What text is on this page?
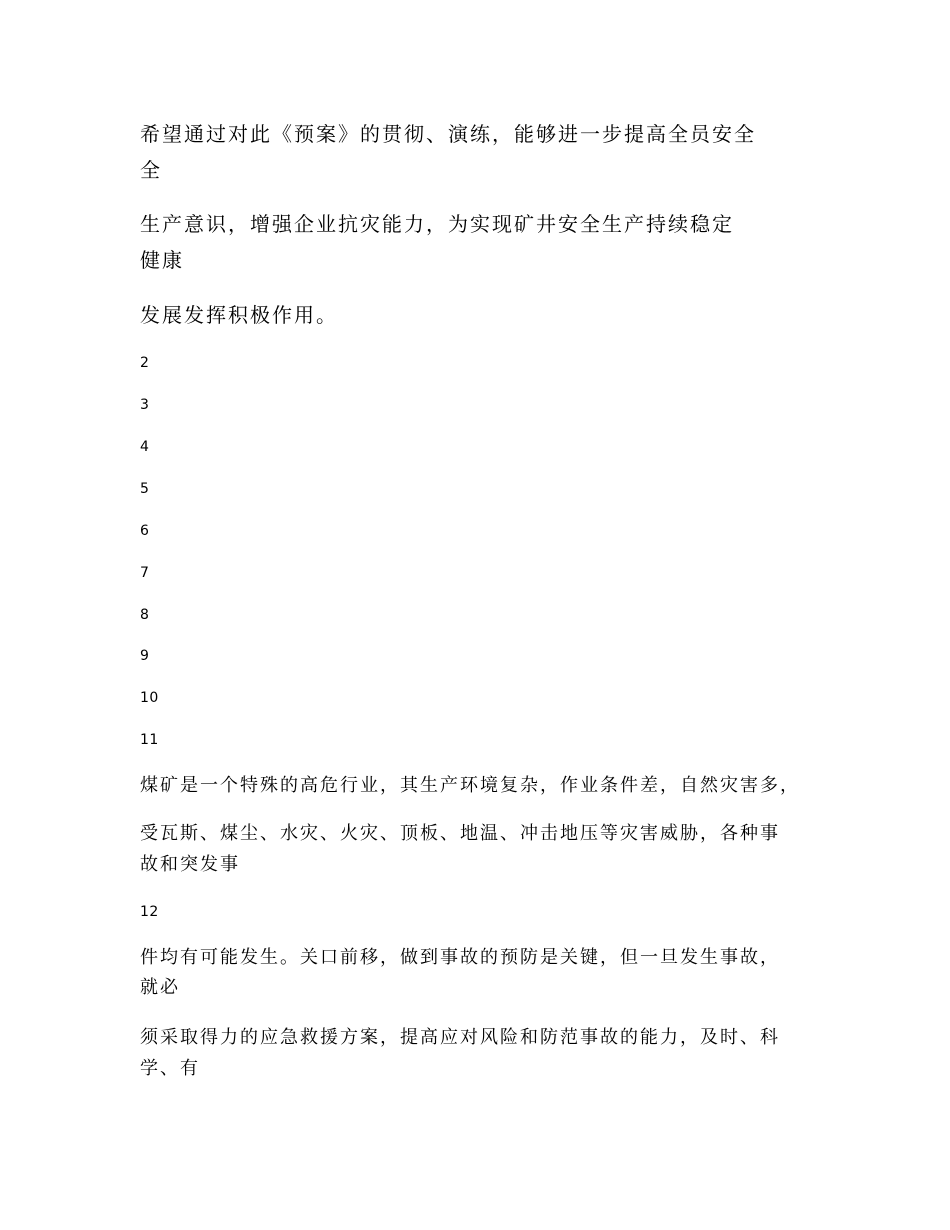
希望通过对此《预案》的贯彻、演练，能够进一步提高全员安全

全

生产意识，增强企业抗灾能力，为实现矿井安全生产持续稳定

健康

发展发挥积极作用。

2

3

4

5

6

7

8

9

10

11

煤矿是一个特殊的高危行业，其生产环境复杂，作业条件差，自然灾害多，

受瓦斯、煤尘、水灾、火灾、顶板、地温、冲击地压等灾害威胁，各种事

故和突发事

12

件均有可能发生。关口前移，做到事故的预防是关键，但一旦发生事故，

就必

须采取得力的应急救援方案，提高应对风险和防范事故的能力，及时、科

学、有
